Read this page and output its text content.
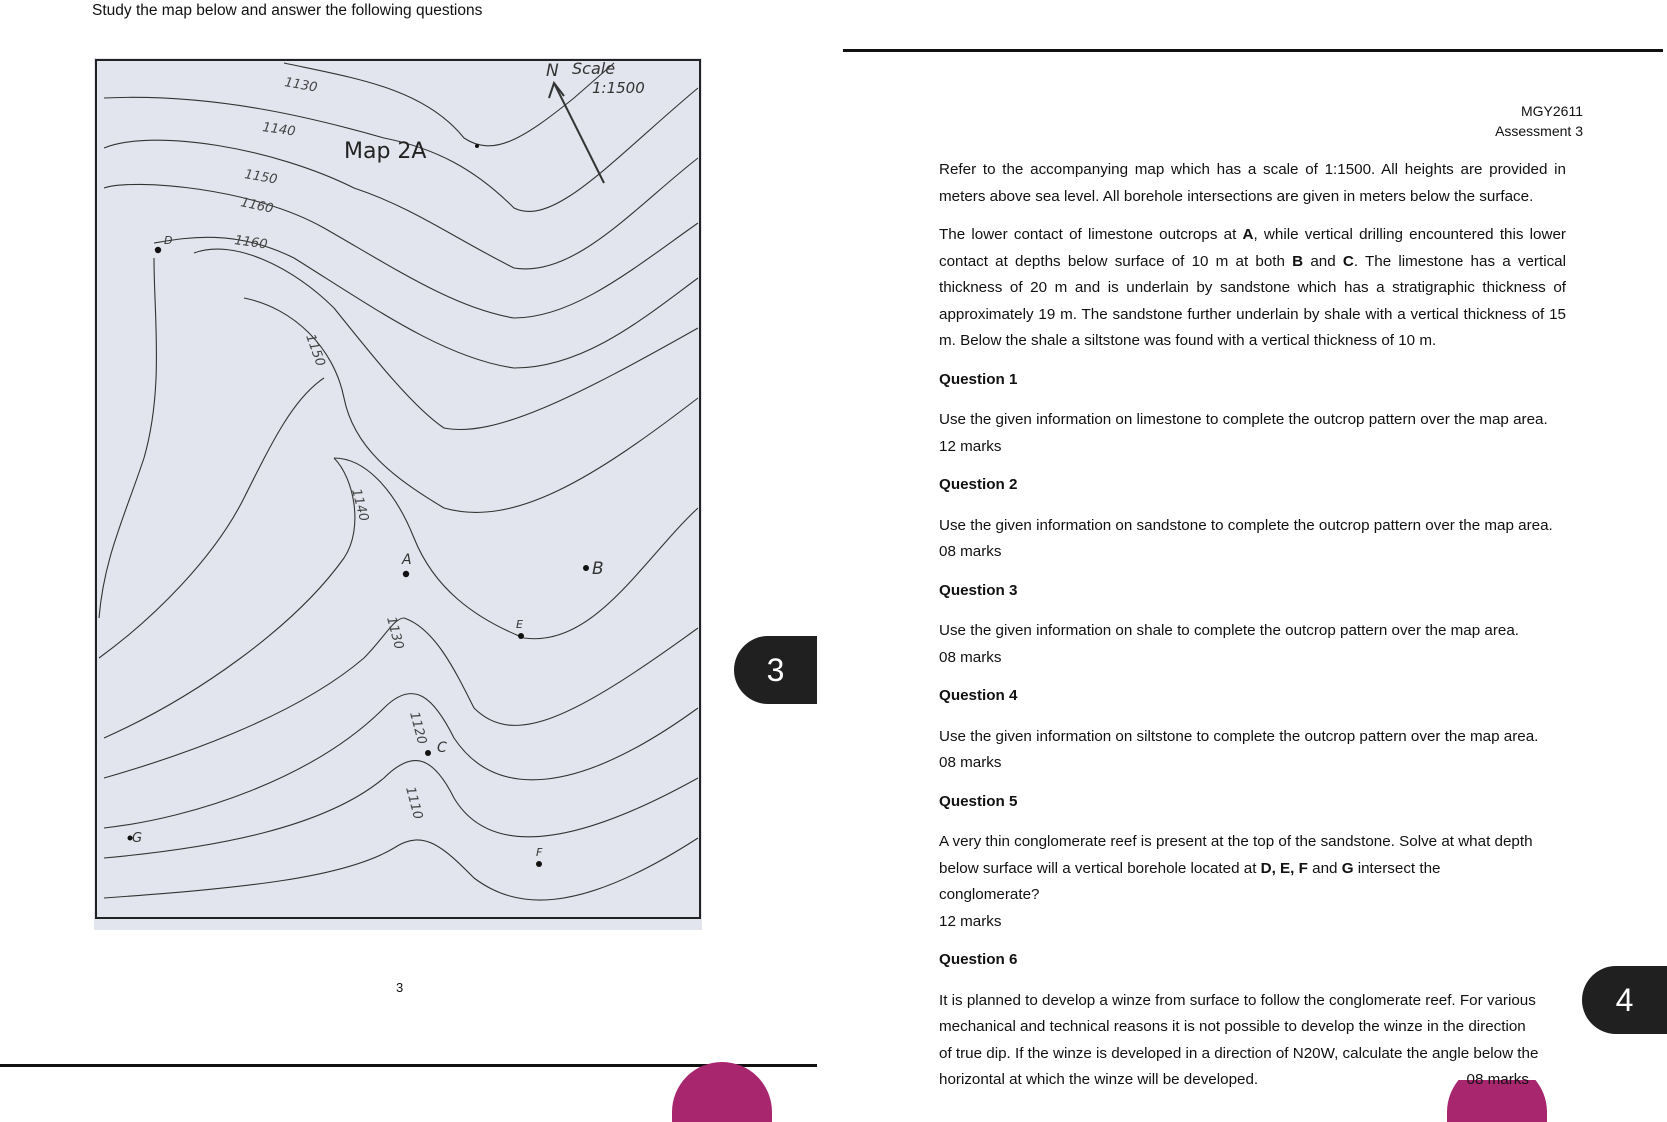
Study the map below and answer the following questions
N Scale
1:1500
Map 2A
1130
1140
1150
1160
1160
1150
1140
1130
1120
1110
A	B
C
D
E
F
G
3
MGY2611
Assessment 3

Refer to the accompanying map which has a scale of 1:1500. All heights are provided in meters above sea level. All borehole intersections are given in meters below the surface.

The lower contact of limestone outcrops at A, while vertical drilling encountered this lower contact at depths below surface of 10 m at both B and C. The limestone has a vertical thickness of 20 m and is underlain by sandstone which has a stratigraphic thickness of approximately 19 m. The sandstone further underlain by shale with a vertical thickness of 15 m. Below the shale a siltstone was found with a vertical thickness of 10 m.

Question 1

Use the given information on limestone to complete the outcrop pattern over the map area.

12 marks

Question 2

Use the given information on sandstone to complete the outcrop pattern over the map area.

08 marks

Question 3

Use the given information on shale to complete the outcrop pattern over the map area.

08 marks

Question 4

Use the given information on siltstone to complete the outcrop pattern over the map area.

08 marks

Question 5

A very thin conglomerate reef is present at the top of the sandstone. Solve at what depth below surface will a vertical borehole located at D, E, F and G intersect the conglomerate?

12 marks

Question 6

It is planned to develop a winze from surface to follow the conglomerate reef. For various mechanical and technical reasons it is not possible to develop the winze in the direction of true dip. If the winze is developed in a direction of N20W, calculate the angle below the

horizontal at which the winze will be developed.	08 marks
3
4
